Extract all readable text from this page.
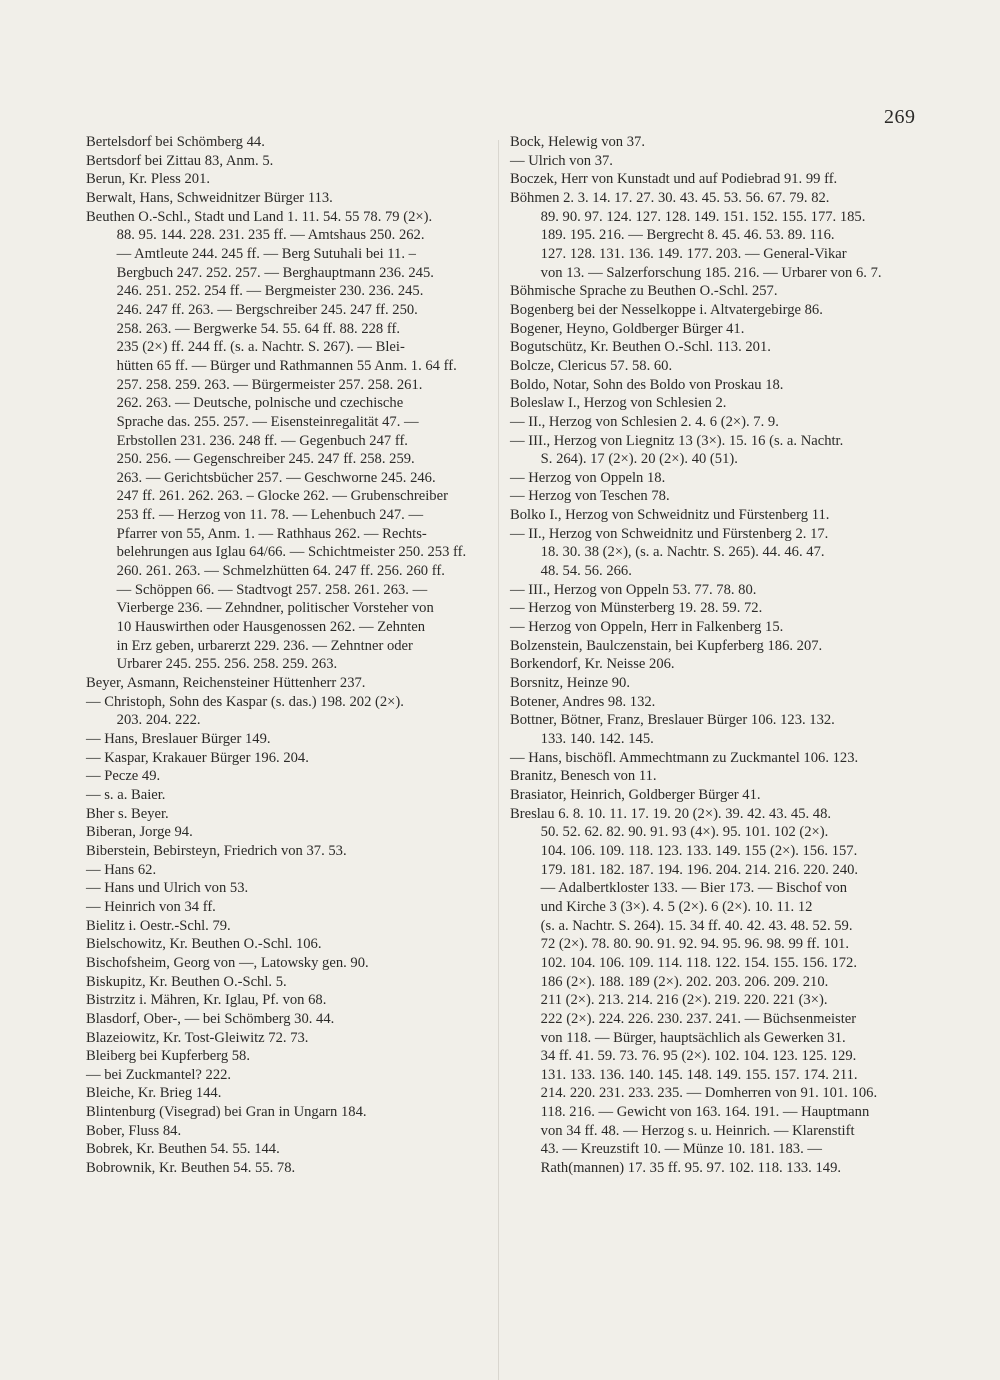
269

Bertelsdorf bei Schömberg 44.

Bertsdorf bei Zittau 83, Anm. 5.

Berun, Kr. Pless 201.

Berwalt, Hans, Schweidnitzer Bürger 113.

Beuthen O.-Schl., Stadt und Land 1. 11. 54. 55 78. 79 (2×).
88. 95. 144. 228. 231. 235 ff. — Amtshaus 250. 262.
— Amtleute 244. 245 ff. — Berg Sutuhali bei 11. –
Bergbuch 247. 252. 257. — Berghauptmann 236. 245.
246. 251. 252. 254 ff. — Bergmeister 230. 236. 245.
246. 247 ff. 263. — Bergschreiber 245. 247 ff. 250.
258. 263. — Bergwerke 54. 55. 64 ff. 88. 228 ff.
235 (2×) ff. 244 ff. (s. a. Nachtr. S. 267). — Blei-
hütten 65 ff. — Bürger und Rathmannen 55 Anm. 1. 64 ff.
257. 258. 259. 263. — Bürgermeister 257. 258. 261.
262. 263. — Deutsche, polnische und czechische
Sprache das. 255. 257. — Eisensteinregalität 47. —
Erbstollen 231. 236. 248 ff. — Gegenbuch 247 ff.
250. 256. — Gegenschreiber 245. 247 ff. 258. 259.
263. — Gerichtsbücher 257. — Geschworne 245. 246.
247 ff. 261. 262. 263. – Glocke 262. — Grubenschreiber
253 ff. — Herzog von 11. 78. — Lehenbuch 247. —
Pfarrer von 55, Anm. 1. — Rathhaus 262. — Rechts-
belehrungen aus Iglau 64/66. — Schichtmeister 250. 253 ff.
260. 261. 263. — Schmelzhütten 64. 247 ff. 256. 260 ff.
— Schöppen 66. — Stadtvogt 257. 258. 261. 263. —
Vierberge 236. — Zehndner, politischer Vorsteher von
10 Hauswirthen oder Hausgenossen 262. — Zehnten
in Erz geben, urbarerzt 229. 236. — Zehntner oder
Urbarer 245. 255. 256. 258. 259. 263.

Beyer, Asmann, Reichensteiner Hüttenherr 237.

— Christoph, Sohn des Kaspar (s. das.) 198. 202 (2×).
203. 204. 222.

— Hans, Breslauer Bürger 149.

— Kaspar, Krakauer Bürger 196. 204.

— Pecze 49.

— s. a. Baier.

Bher s. Beyer.

Biberan, Jorge 94.

Biberstein, Bebirsteyn, Friedrich von 37. 53.

— Hans 62.

— Hans und Ulrich von 53.

— Heinrich von 34 ff.

Bielitz i. Oestr.-Schl. 79.

Bielschowitz, Kr. Beuthen O.-Schl. 106.

Bischofsheim, Georg von —, Latowsky gen. 90.

Biskupitz, Kr. Beuthen O.-Schl. 5.

Bistrzitz i. Mähren, Kr. Iglau, Pf. von 68.

Blasdorf, Ober-, — bei Schömberg 30. 44.

Blazeiowitz, Kr. Tost-Gleiwitz 72. 73.

Bleiberg bei Kupferberg 58.

— bei Zuckmantel? 222.

Bleiche, Kr. Brieg 144.

Blintenburg (Visegrad) bei Gran in Ungarn 184.

Bober, Fluss 84.

Bobrek, Kr. Beuthen 54. 55. 144.

Bobrownik, Kr. Beuthen 54. 55. 78.

Bock, Helewig von 37.

— Ulrich von 37.

Boczek, Herr von Kunstadt und auf Podiebrad 91. 99 ff.

Böhmen 2. 3. 14. 17. 27. 30. 43. 45. 53. 56. 67. 79. 82.
89. 90. 97. 124. 127. 128. 149. 151. 152. 155. 177. 185.
189. 195. 216. — Bergrecht 8. 45. 46. 53. 89. 116.
127. 128. 131. 136. 149. 177. 203. — General-Vikar
von 13. — Salzerforschung 185. 216. — Urbarer von 6. 7.

Böhmische Sprache zu Beuthen O.-Schl. 257.

Bogenberg bei der Nesselkoppe i. Altvatergebirge 86.

Bogener, Heyno, Goldberger Bürger 41.

Bogutschütz, Kr. Beuthen O.-Schl. 113. 201.

Bolcze, Clericus 57. 58. 60.

Boldo, Notar, Sohn des Boldo von Proskau 18.

Boleslaw I., Herzog von Schlesien 2.

— II., Herzog von Schlesien 2. 4. 6 (2×). 7. 9.

— III., Herzog von Liegnitz 13 (3×). 15. 16 (s. a. Nachtr.
S. 264). 17 (2×). 20 (2×). 40 (51).

— Herzog von Oppeln 18.

— Herzog von Teschen 78.

Bolko I., Herzog von Schweidnitz und Fürstenberg 11.

— II., Herzog von Schweidnitz und Fürstenberg 2. 17.
18. 30. 38 (2×), (s. a. Nachtr. S. 265). 44. 46. 47.
48. 54. 56. 266.

— III., Herzog von Oppeln 53. 77. 78. 80.

— Herzog von Münsterberg 19. 28. 59. 72.

— Herzog von Oppeln, Herr in Falkenberg 15.

Bolzenstein, Baulczenstain, bei Kupferberg 186. 207.

Borkendorf, Kr. Neisse 206.

Borsnitz, Heinze 90.

Botener, Andres 98. 132.

Bottner, Bötner, Franz, Breslauer Bürger 106. 123. 132.
133. 140. 142. 145.

— Hans, bischöfl. Ammechtmann zu Zuckmantel 106. 123.

Branitz, Benesch von 11.

Brasiator, Heinrich, Goldberger Bürger 41.

Breslau 6. 8. 10. 11. 17. 19. 20 (2×). 39. 42. 43. 45. 48.
50. 52. 62. 82. 90. 91. 93 (4×). 95. 101. 102 (2×).
104. 106. 109. 118. 123. 133. 149. 155 (2×). 156. 157.
179. 181. 182. 187. 194. 196. 204. 214. 216. 220. 240.
— Adalbertkloster 133. — Bier 173. — Bischof von
und Kirche 3 (3×). 4. 5 (2×). 6 (2×). 10. 11. 12
(s. a. Nachtr. S. 264). 15. 34 ff. 40. 42. 43. 48. 52. 59.
72 (2×). 78. 80. 90. 91. 92. 94. 95. 96. 98. 99 ff. 101.
102. 104. 106. 109. 114. 118. 122. 154. 155. 156. 172.
186 (2×). 188. 189 (2×). 202. 203. 206. 209. 210.
211 (2×). 213. 214. 216 (2×). 219. 220. 221 (3×).
222 (2×). 224. 226. 230. 237. 241. — Büchsenmeister
von 118. — Bürger, hauptsächlich als Gewerken 31.
34 ff. 41. 59. 73. 76. 95 (2×). 102. 104. 123. 125. 129.
131. 133. 136. 140. 145. 148. 149. 155. 157. 174. 211.
214. 220. 231. 233. 235. — Domherren von 91. 101. 106.
118. 216. — Gewicht von 163. 164. 191. — Hauptmann
von 34 ff. 48. — Herzog s. u. Heinrich. — Klarenstift
43. — Kreuzstift 10. — Münze 10. 181. 183. —
Rath(mannen) 17. 35 ff. 95. 97. 102. 118. 133. 149.
